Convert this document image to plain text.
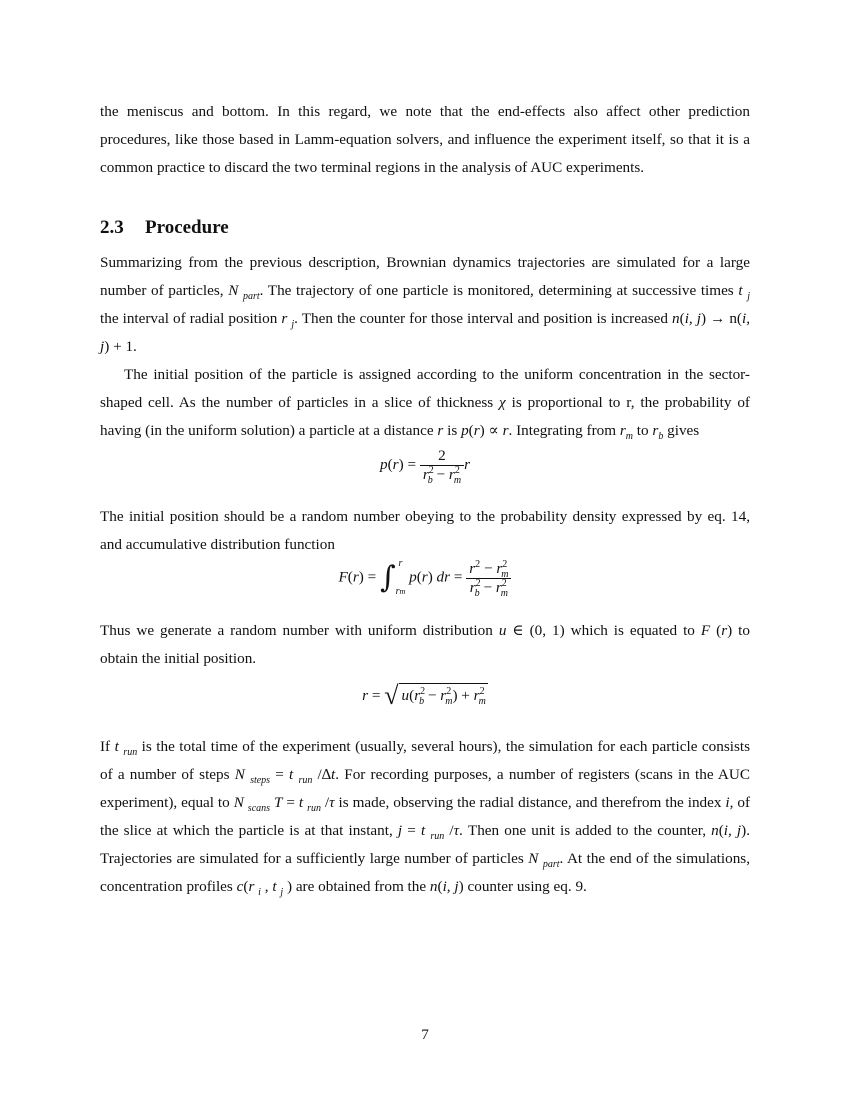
the meniscus and bottom. In this regard, we note that the end-effects also affect other prediction procedures, like those based in Lamm-equation solvers, and influence the experiment itself, so that it is a common practice to discard the two terminal regions in the analysis of AUC experiments.

2.3 Procedure

Summarizing from the previous description, Brownian dynamics trajectories are simulated for a large number of particles, N $_{part}$. The trajectory of one particle is monitored, determining at successive times t $_j$ the interval of radial position r $_j$. Then the counter for those interval and position is increased n(i, j) → n(i, j) + 1.

The initial position of the particle is assigned according to the uniform concentration in the sector-shaped cell. As the number of particles in a slice of thickness χ is proportional to r, the probability of having (in the uniform solution) a particle at a distance r is p(r) ∝ r. Integrating from $r_m$ to $r_b$ gives

$p(r) = \frac{2}{r^2_b - r^2_m}$ r

The initial position should be a random number obeying to the probability density expressed by eq. 14, and accumulative distribution function

F(r) = ∫ r
rm
p(r) dr = $\frac{r^2 - r^2_m}{r^2_b - r^2_m}$

Thus we generate a random number with uniform distribution u ∈ (0, 1) which is equated to F (r) to obtain the initial position.

r = √ $u(r^2_b - r^2_m) + r^2_m$

If t $_{run}$ is the total time of the experiment (usually, several hours), the simulation for each particle consists of a number of steps N $_{steps}$ = t $_{run}$ /∆t. For recording purposes, a number of registers (scans in the AUC experiment), equal to N $_{scans}$ T = t $_{run}$ /τ is made, observing the radial distance, and therefrom the index i, of the slice at which the particle is at that instant, j = t $_{run}$ /τ. Then one unit is added to the counter, n(i, j). Trajectories are simulated for a sufficiently large number of particles N $_{part}$. At the end of the simulations, concentration profiles c(r $_i$ , t $_j$ ) are obtained from the n(i, j) counter using eq. 9.

7
